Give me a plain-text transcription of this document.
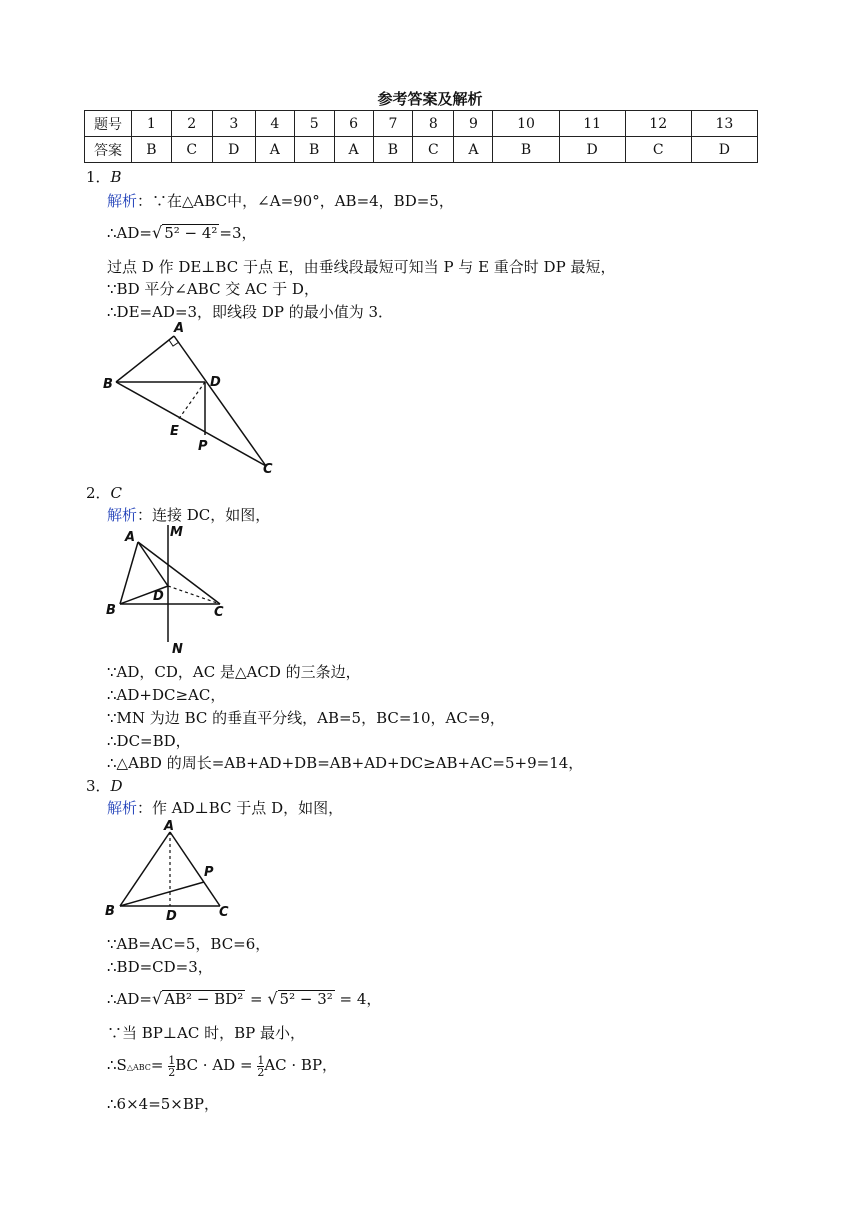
参考答案及解析
题号	1	2	3	4	5	6	7	8	9	10	11	12	13
答案	B	C	D	A	B	A	B	C	A	B	D	C	D
1．B
解析：∵在△ABC中，∠A=90°，AB=4，BD=5，
∴AD=√ 5² − 4² =3，
过点 D 作 DE⊥BC 于点 E，由垂线段最短可知当 P 与 E 重合时 DP 最短，
∵BD 平分∠ABC 交 AC 于 D，
∴DE=AD=3，即线段 DP 的最小值为 3．
A
B	D
E
P
C
2．C
解析：连接 DC，如图，
A	M
D
B	C
N
∵AD，CD，AC 是△ACD 的三条边，
∴AD+DC≥AC，
∵MN 为边 BC 的垂直平分线，AB=5，BC=10，AC=9，
∴DC=BD，
∴△ABD 的周长=AB+AD+DB=AB+AD+DC≥AB+AC=5+9=14，
3．D
解析：作 AD⊥BC 于点 D，如图，
A
P
B	D	C
∵AB=AC=5，BC=6，
∴BD=CD=3，
∴AD=√ AB² − BD² = √ 5² − 3² = 4，
∵当 BP⊥AC 时，BP 最小，
∴S△ABC= $\frac{1}{2}$ BC · AD = $\frac{1}{2}$ AC · BP，
∴6×4=5×BP，
